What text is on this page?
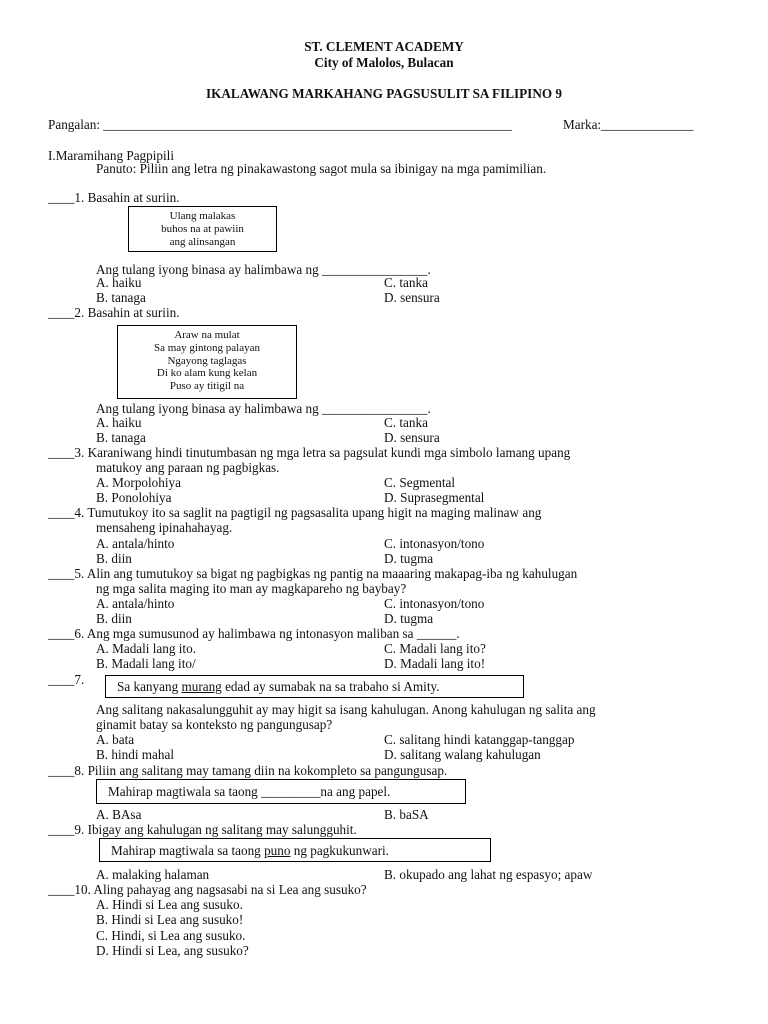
ST. CLEMENT ACADEMY
City of Malolos, Bulacan
IKALAWANG MARKAHANG PAGSUSULIT SA FILIPINO 9
Pangalan: ______________________________________________________________	Marka:______________
I.Maramihang Pagpipili
Panuto: Piliin ang letra ng pinakawastong sagot mula sa ibinigay na mga pamimilian.
____1. Basahin at suriin.
Ulang malakas
buhos na at pawiin
ang alinsangan
Ang tulang iyong binasa ay halimbawa ng ________________.
A. haiku	C. tanka
B. tanaga	D. sensura
____2. Basahin at suriin.
Araw na mulat
Sa may gintong palayan
Ngayong taglagas
Di ko alam kung kelan
Puso ay titigil na
Ang tulang iyong binasa ay halimbawa ng ________________.
A. haiku	C. tanka
B. tanaga	D. sensura
____3. Karaniwang hindi tinutumbasan ng mga letra sa pagsulat kundi mga simbolo lamang upang
matukoy ang paraan ng pagbigkas.
A. Morpolohiya	C. Segmental
B. Ponolohiya	D. Suprasegmental
____4. Tumutukoy ito sa saglit na pagtigil ng pagsasalita upang higit na maging malinaw ang
mensaheng ipinahahayag.
A. antala/hinto	C. intonasyon/tono
B. diin	D. tugma
____5. Alin ang tumutukoy sa bigat ng pagbigkas ng pantig na maaaring makapag-iba ng kahulugan
ng mga salita maging ito man ay magkapareho ng baybay?
A. antala/hinto	C. intonasyon/tono
B. diin	D. tugma
____6. Ang mga sumusunod ay halimbawa ng intonasyon maliban sa ______.
A. Madali lang ito.	C. Madali lang ito?
B. Madali lang ito/	D. Madali lang ito!
____7. Sa kanyang murang edad ay sumabak na sa trabaho si Amity.
Ang salitang nakasalungguhit ay may higit sa isang kahulugan. Anong kahulugan ng salita ang
ginamit batay sa konteksto ng pangungusap?
A. bata	C. salitang hindi katanggap-tanggap
B. hindi mahal	D. salitang walang kahulugan
____8. Piliin ang salitang may tamang diin na kokompleto sa pangungusap.
Mahirap magtiwala sa taong _________na ang papel.
A. BAsa	B. baSA
____9. Ibigay ang kahulugan ng salitang may salungguhit.
Mahirap magtiwala sa taong puno ng pagkukunwari.
A. malaking halaman	B. okupado ang lahat ng espasyo; apaw
____10. Aling pahayag ang nagsasabi na si Lea ang susuko?
A. Hindi si Lea ang susuko.
B. Hindi si Lea ang susuko!
C. Hindi, si Lea ang susuko.
D. Hindi si Lea, ang susuko?
